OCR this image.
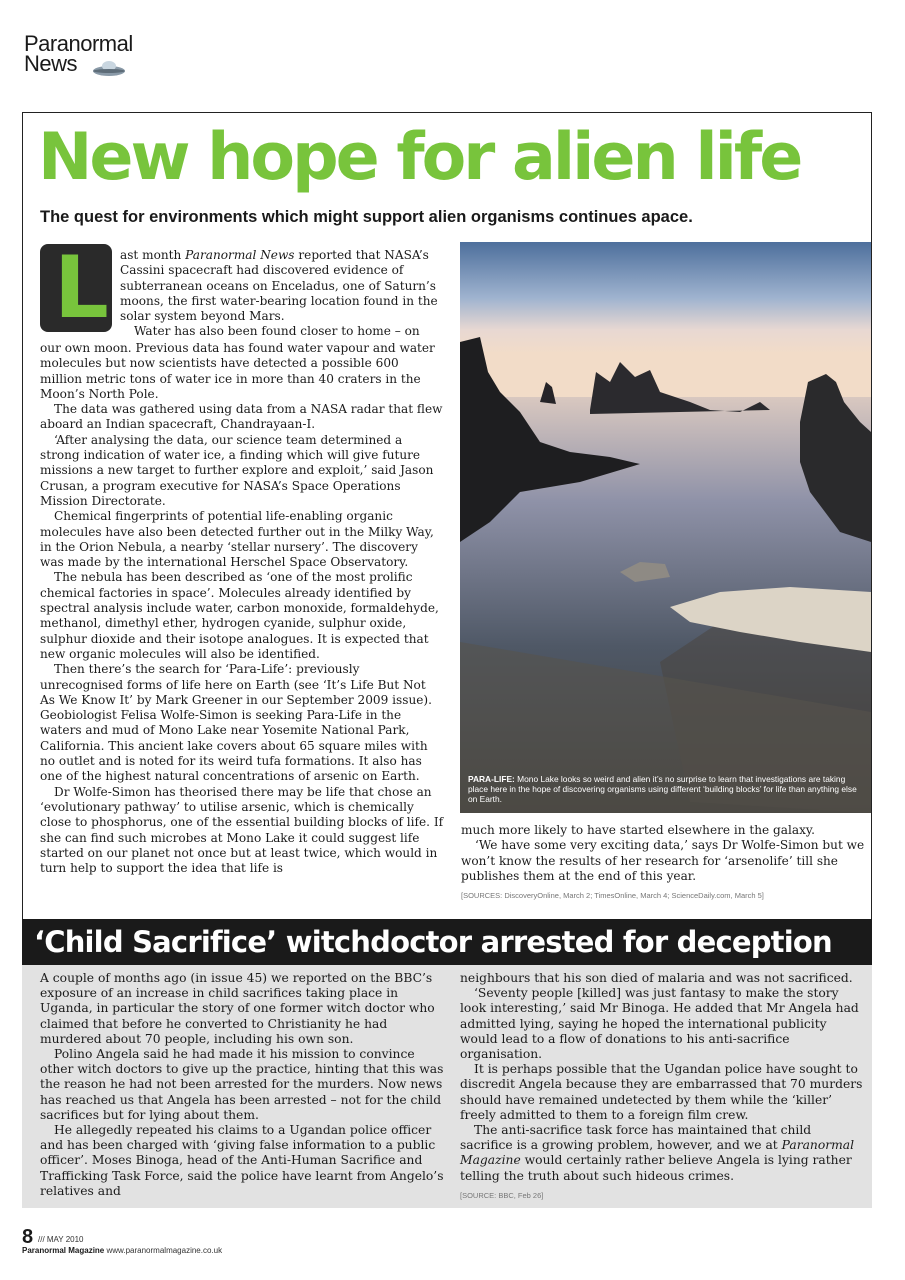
Paranormal
News
New hope for alien life
The quest for environments which might support alien organisms continues apace.
L ast month Paranormal News reported that NASA’s Cassini spacecraft had discovered evidence of subterranean oceans on Enceladus, one of Saturn’s moons, the first water-bearing location found in the solar system beyond Mars.

Water has also been found closer to home – on

our own moon. Previous data has found water vapour and water molecules but now scientists have detected a possible 600 million metric tons of water ice in more than 40 craters in the Moon’s North Pole.

The data was gathered using data from a NASA radar that flew aboard an Indian spacecraft, Chandrayaan-I.

‘After analysing the data, our science team determined a strong indication of water ice, a finding which will give future missions a new target to further explore and exploit,’ said Jason Crusan, a program executive for NASA’s Space Operations Mission Directorate.

Chemical fingerprints of potential life-enabling organic molecules have also been detected further out in the Milky Way, in the Orion Nebula, a nearby ‘stellar nursery’. The discovery was made by the international Herschel Space Observatory.

The nebula has been described as ‘one of the most prolific chemical factories in space’. Molecules already identified by spectral analysis include water, carbon monoxide, formaldehyde, methanol, dimethyl ether, hydrogen cyanide, sulphur oxide, sulphur dioxide and their isotope analogues. It is expected that new organic molecules will also be identified.

Then there’s the search for ‘Para-Life’: previously unrecognised forms of life here on Earth (see ‘It’s Life But Not As We Know It’ by Mark Greener in our September 2009 issue). Geobiologist Felisa Wolfe-Simon is seeking Para-Life in the waters and mud of Mono Lake near Yosemite National Park, California. This ancient lake covers about 65 square miles with no outlet and is noted for its weird tufa formations. It also has one of the highest natural concentrations of arsenic on Earth.

Dr Wolfe-Simon has theorised there may be life that chose an ‘evolutionary pathway’ to utilise arsenic, which is chemically close to phosphorus, one of the essential building blocks of life. If she can find such microbes at Mono Lake it could suggest life started on our planet not once but at least twice, which would in turn help to support the idea that life is

PARA-LIFE: Mono Lake looks so weird and alien it’s no surprise to learn that investigations are taking place here in the hope of discovering organisms using different ‘building blocks’ for life than anything else on Earth.

much more likely to have started elsewhere in the galaxy.

‘We have some very exciting data,’ says Dr Wolfe-Simon but we won’t know the results of her research for ‘arsenolife’ till she publishes them at the end of this year.

[SOURCES: DiscoveryOnline, March 2; TimesOnline, March 4; ScienceDaily.com, March 5]
‘Child Sacrifice’ witchdoctor arrested for deception

A couple of months ago (in issue 45) we reported on the BBC’s exposure of an increase in child sacrifices taking place in Uganda, in particular the story of one former witch doctor who claimed that before he converted to Christianity he had murdered about 70 people, including his own son.

Polino Angela said he had made it his mission to convince other witch doctors to give up the practice, hinting that this was the reason he had not been arrested for the murders. Now news has reached us that Angela has been arrested – not for the child sacrifices but for lying about them.

He allegedly repeated his claims to a Ugandan police officer and has been charged with ‘giving false information to a public officer’. Moses Binoga, head of the Anti-Human Sacrifice and Trafficking Task Force, said the police have learnt from Angelo’s relatives and

neighbours that his son died of malaria and was not sacrificed.

‘Seventy people [killed] was just fantasy to make the story look interesting,’ said Mr Binoga. He added that Mr Angela had admitted lying, saying he hoped the international publicity would lead to a flow of donations to his anti-sacrifice organisation.

It is perhaps possible that the Ugandan police have sought to discredit Angela because they are embarrassed that 70 murders should have remained undetected by them while the ‘killer’ freely admitted to them to a foreign film crew.

The anti-sacrifice task force has maintained that child sacrifice is a growing problem, however, and we at Paranormal Magazine would certainly rather believe Angela is lying rather telling the truth about such hideous crimes.

[SOURCE: BBC, Feb 26]
8 /// MAY 2010
Paranormal Magazine www.paranormalmagazine.co.uk
